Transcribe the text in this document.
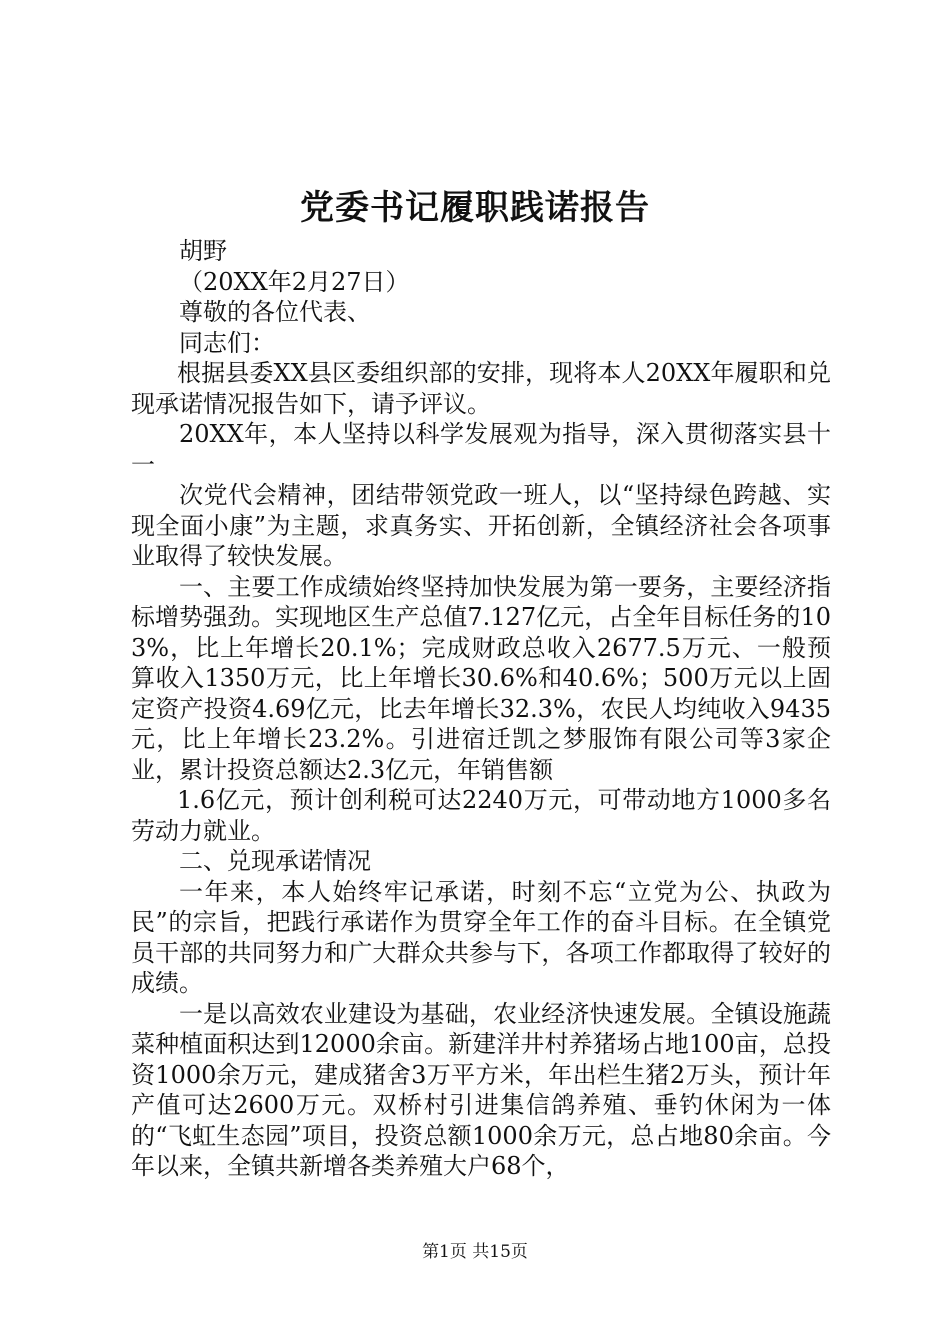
党委书记履职践诺报告

胡野

（20XX年2月27日）

尊敬的各位代表、

同志们：

根据县委XX县区委组织部的安排，现将本人20XX年履职和兑现承诺情况报告如下，请予评议。

20XX年，本人坚持以科学发展观为指导，深入贯彻落实县十一

次党代会精神，团结带领党政一班人，以“坚持绿色跨越、实现全面小康”为主题，求真务实、开拓创新，全镇经济社会各项事业取得了较快发展。

一、主要工作成绩始终坚持加快发展为第一要务，主要经济指标增势强劲。实现地区生产总值7.127亿元，占全年目标任务的103%，比上年增长20.1%；完成财政总收入2677.5万元、一般预算收入1350万元，比上年增长30.6%和40.6%；500万元以上固定资产投资4.69亿元，比去年增长32.3%，农民人均纯收入9435元，比上年增长23.2%。引进宿迁凯之梦服饰有限公司等3家企业，累计投资总额达2.3亿元，年销售额

1.6亿元，预计创利税可达2240万元，可带动地方1000多名劳动力就业。

二、兑现承诺情况

一年来，本人始终牢记承诺，时刻不忘“立党为公、执政为民”的宗旨，把践行承诺作为贯穿全年工作的奋斗目标。在全镇党员干部的共同努力和广大群众共参与下，各项工作都取得了较好的成绩。

一是以高效农业建设为基础，农业经济快速发展。全镇设施蔬菜种植面积达到12000余亩。新建洋井村养猪场占地100亩，总投资1000余万元，建成猪舍3万平方米，年出栏生猪2万头，预计年产值可达2600万元。双桥村引进集信鸽养殖、垂钓休闲为一体的“飞虹生态园”项目，投资总额1000余万元，总占地80余亩。今年以来，全镇共新增各类养殖大户68个，

第1页 共15页
